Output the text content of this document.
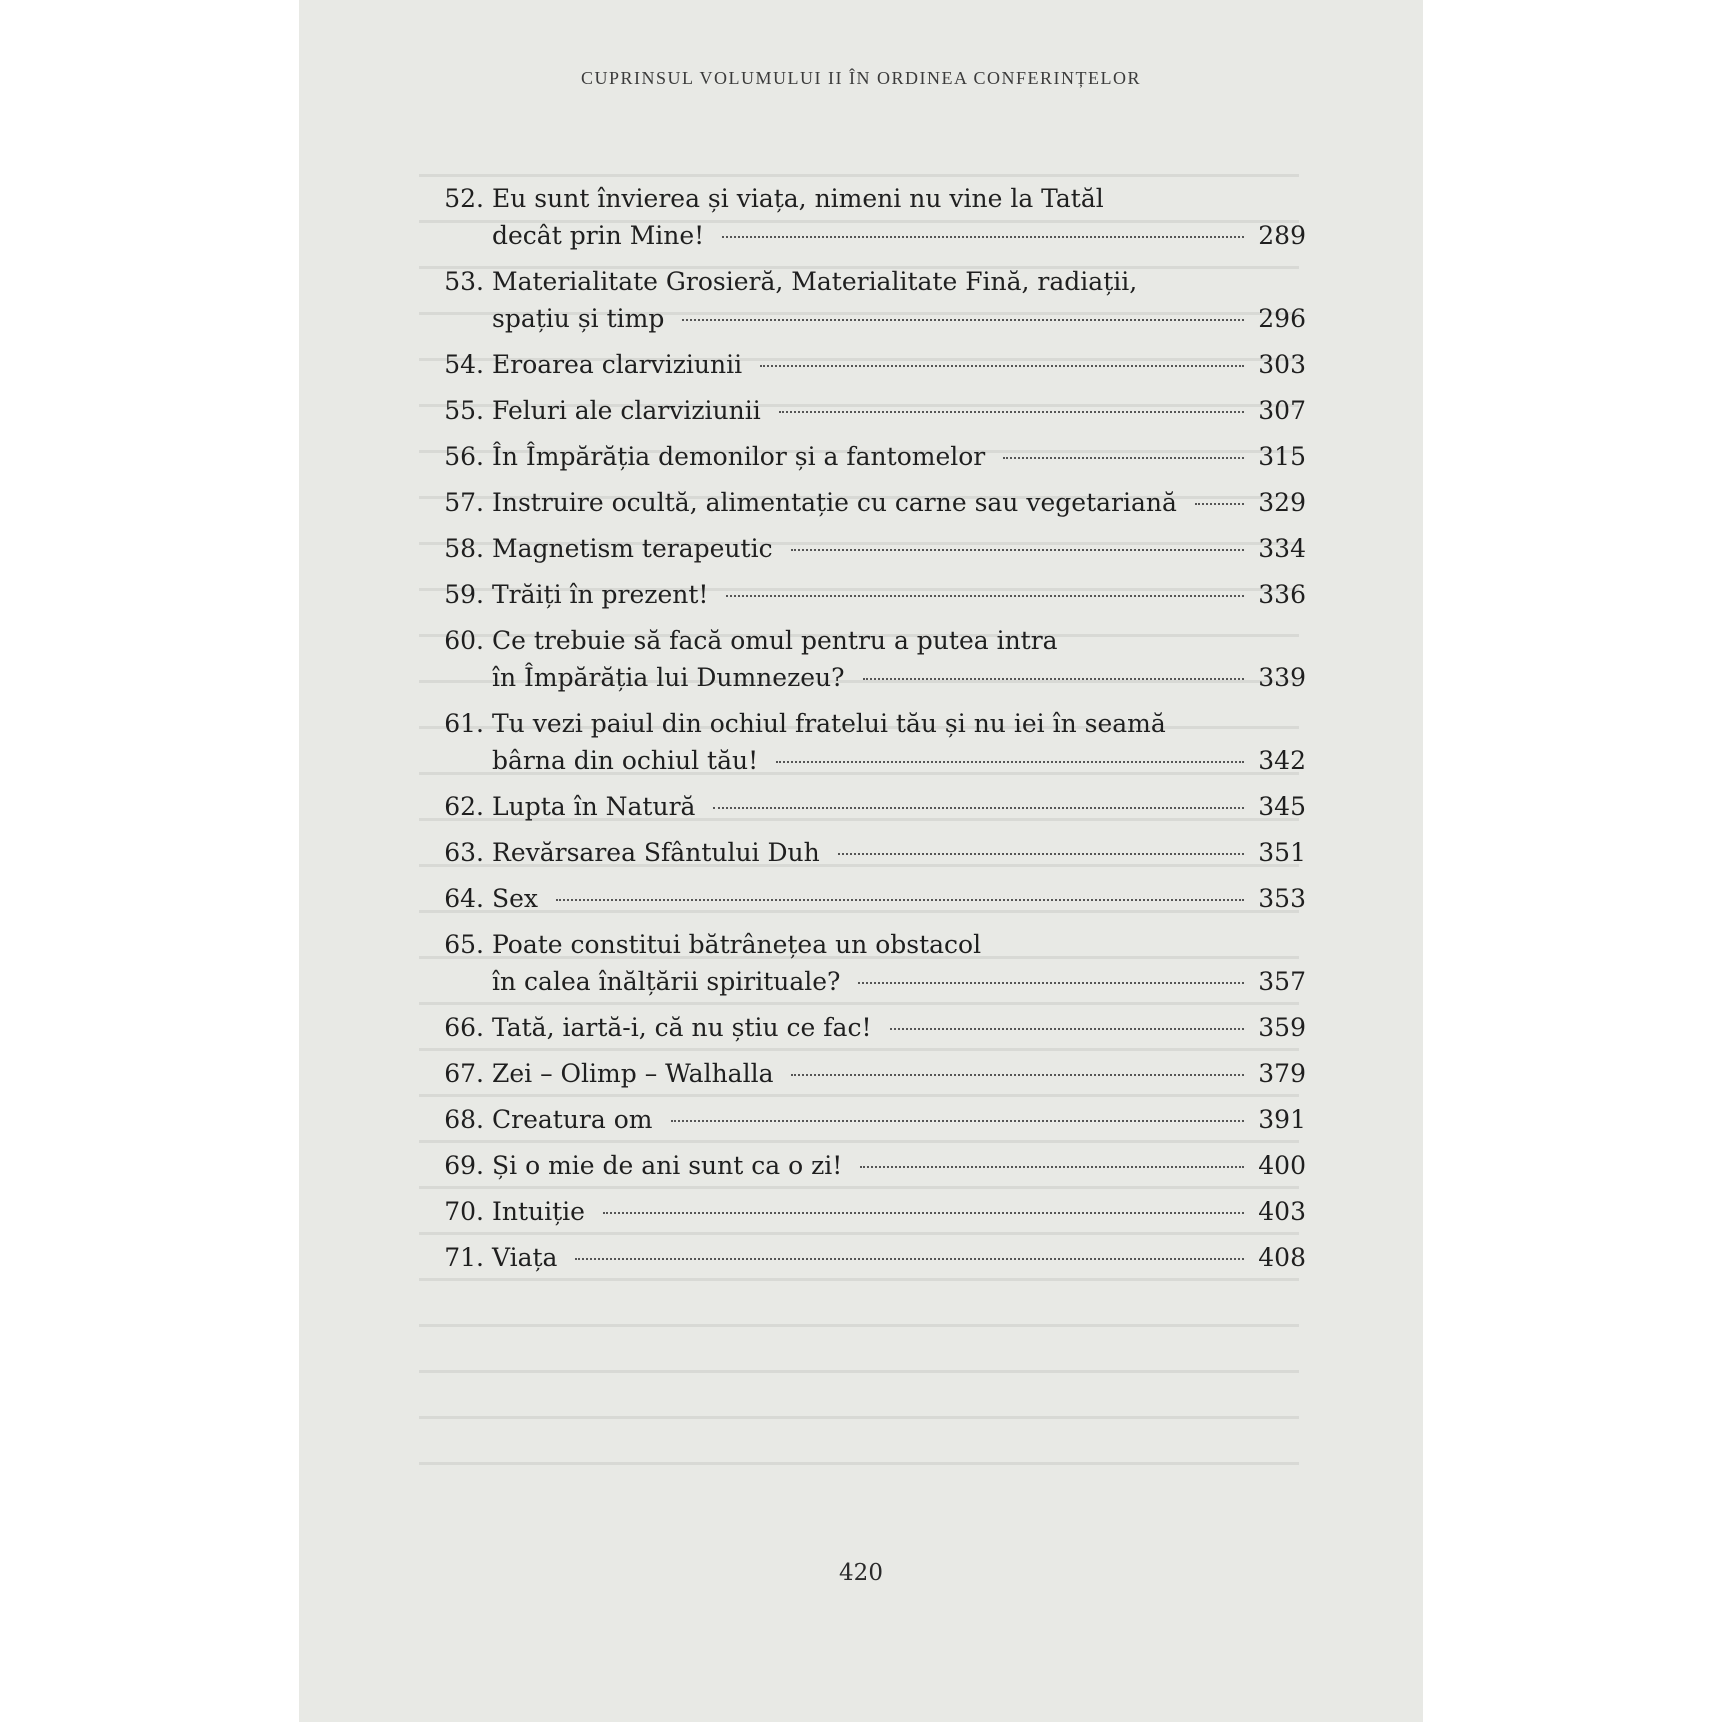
CUPRINSUL VOLUMULUI II ÎN ORDINEA CONFERINȚELOR
52. Eu sunt învierea și viața, nimeni nu vine la Tatăl
decât prin Mine!	289
53. Materialitate Grosieră, Materialitate Fină, radiații,
spațiu și timp	296
54. Eroarea clarviziunii	303
55. Feluri ale clarviziunii	307
56. În Împărăția demonilor și a fantomelor	315
57. Instruire ocultă, alimentație cu carne sau vegetariană	329
58. Magnetism terapeutic	334
59. Trăiți în prezent!	336
60. Ce trebuie să facă omul pentru a putea intra
în Împărăția lui Dumnezeu?	339
61. Tu vezi paiul din ochiul fratelui tău și nu iei în seamă
bârna din ochiul tău!	342
62. Lupta în Natură	345
63. Revărsarea Sfântului Duh	351
64. Sex	353
65. Poate constitui bătrânețea un obstacol
în calea înălțării spirituale?	357
66. Tată, iartă-i, că nu știu ce fac!	359
67. Zei – Olimp – Walhalla	379
68. Creatura om	391
69. Și o mie de ani sunt ca o zi!	400
70. Intuiție	403
71. Viața	408
420
